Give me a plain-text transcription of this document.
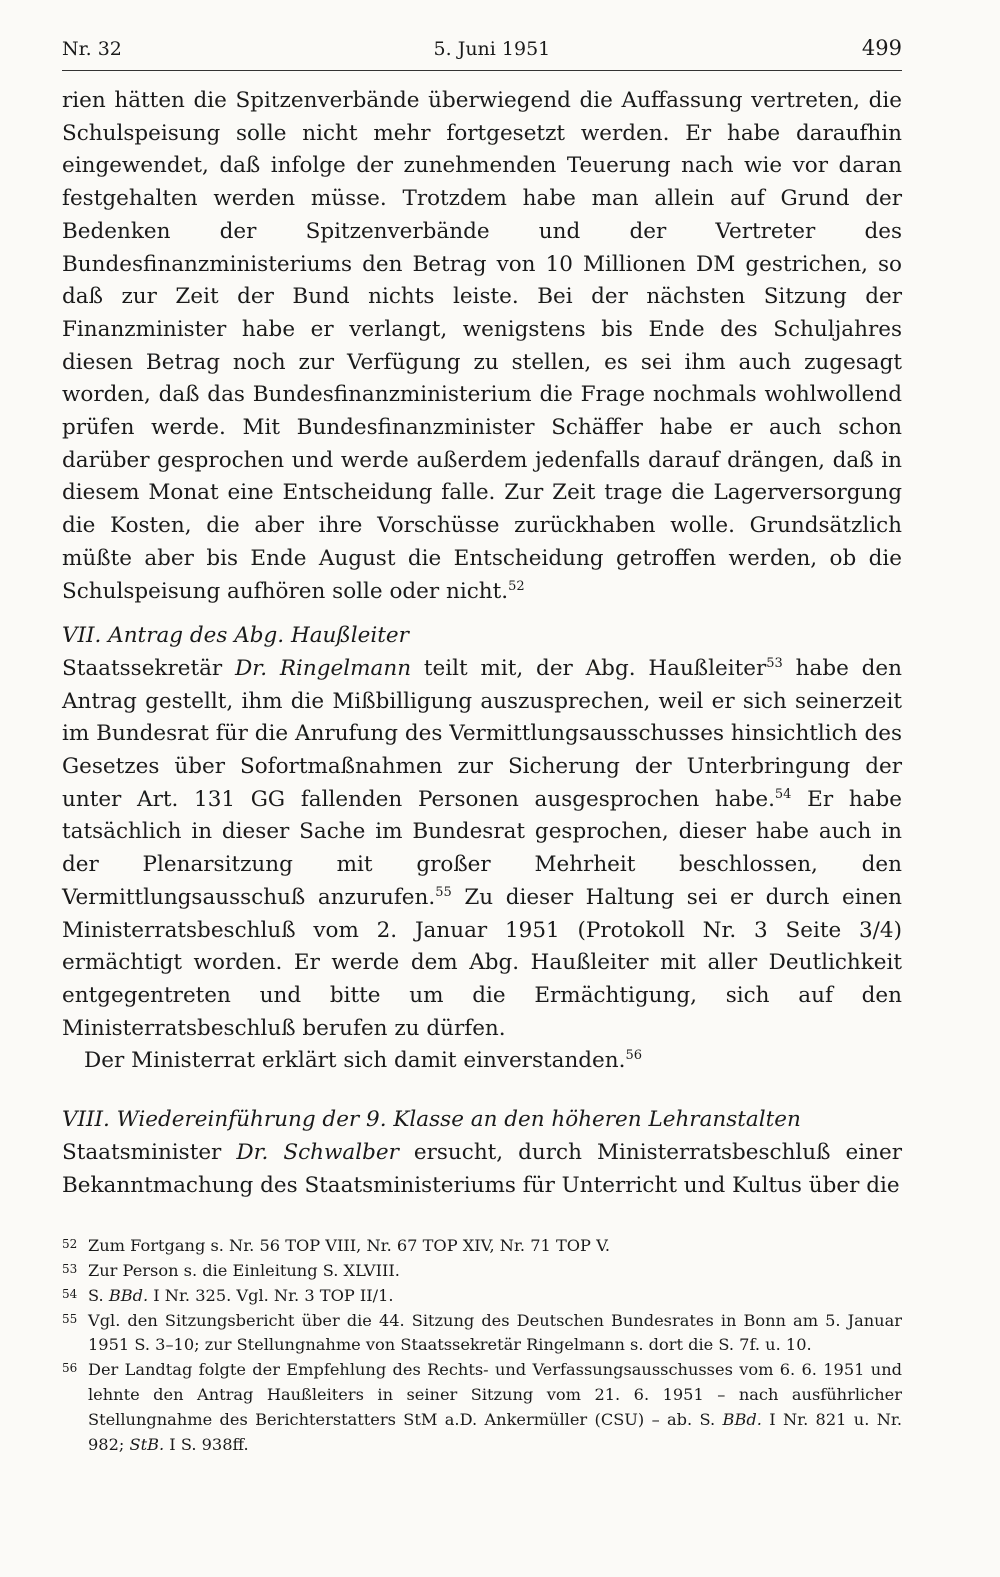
Nr. 32	5. Juni 1951	499

rien hätten die Spitzenverbände überwiegend die Auffassung vertreten, die Schulspeisung solle nicht mehr fortgesetzt werden. Er habe daraufhin eingewendet, daß infolge der zunehmenden Teuerung nach wie vor daran festgehalten werden müsse. Trotzdem habe man allein auf Grund der Bedenken der Spitzenverbände und der Vertreter des Bundesfinanzministeriums den Betrag von 10 Millionen DM gestrichen, so daß zur Zeit der Bund nichts leiste. Bei der nächsten Sitzung der Finanzminister habe er verlangt, wenigstens bis Ende des Schuljahres diesen Betrag noch zur Verfügung zu stellen, es sei ihm auch zugesagt worden, daß das Bundesfinanzministerium die Frage nochmals wohlwollend prüfen werde. Mit Bundesfinanzminister Schäffer habe er auch schon darüber gesprochen und werde außerdem jedenfalls darauf drängen, daß in diesem Monat eine Entscheidung falle. Zur Zeit trage die Lagerversorgung die Kosten, die aber ihre Vorschüsse zurückhaben wolle. Grundsätzlich müßte aber bis Ende August die Entscheidung getroffen werden, ob die Schulspeisung aufhören solle oder nicht.$^{52}$

VII. Antrag des Abg. Haußleiter

Staatssekretär Dr. Ringelmann teilt mit, der Abg. Haußleiter$^{53}$ habe den Antrag gestellt, ihm die Mißbilligung auszusprechen, weil er sich seinerzeit im Bundesrat für die Anrufung des Vermittlungsausschusses hinsichtlich des Gesetzes über Sofortmaßnahmen zur Sicherung der Unterbringung der unter Art. 131 GG fallenden Personen ausgesprochen habe.$^{54}$ Er habe tatsächlich in dieser Sache im Bundesrat gesprochen, dieser habe auch in der Plenarsitzung mit großer Mehrheit beschlossen, den Vermittlungsausschuß anzurufen.$^{55}$ Zu dieser Haltung sei er durch einen Ministerratsbeschluß vom 2. Januar 1951 (Protokoll Nr. 3 Seite 3/4) ermächtigt worden. Er werde dem Abg. Haußleiter mit aller Deutlichkeit entgegentreten und bitte um die Ermächtigung, sich auf den Ministerratsbeschluß berufen zu dürfen.

Der Ministerrat erklärt sich damit einverstanden.$^{56}$

VIII. Wiedereinführung der 9. Klasse an den höheren Lehranstalten

Staatsminister Dr. Schwalber ersucht, durch Ministerratsbeschluß einer Bekanntmachung des Staatsministeriums für Unterricht und Kultus über die

52 Zum Fortgang s. Nr. 56 TOP VIII, Nr. 67 TOP XIV, Nr. 71 TOP V.
53 Zur Person s. die Einleitung S. XLVIII.
54 S. BBd. I Nr. 325. Vgl. Nr. 3 TOP II/1.
55 Vgl. den Sitzungsbericht über die 44. Sitzung des Deutschen Bundesrates in Bonn am 5. Januar 1951 S. 3–10; zur Stellungnahme von Staatssekretär Ringelmann s. dort die S. 7f. u. 10.
56 Der Landtag folgte der Empfehlung des Rechts- und Verfassungsausschusses vom 6. 6. 1951 und lehnte den Antrag Haußleiters in seiner Sitzung vom 21. 6. 1951 – nach ausführlicher Stellungnahme des Berichterstatters StM a.D. Ankermüller (CSU) – ab. S. BBd. I Nr. 821 u. Nr. 982; StB. I S. 938ff.
